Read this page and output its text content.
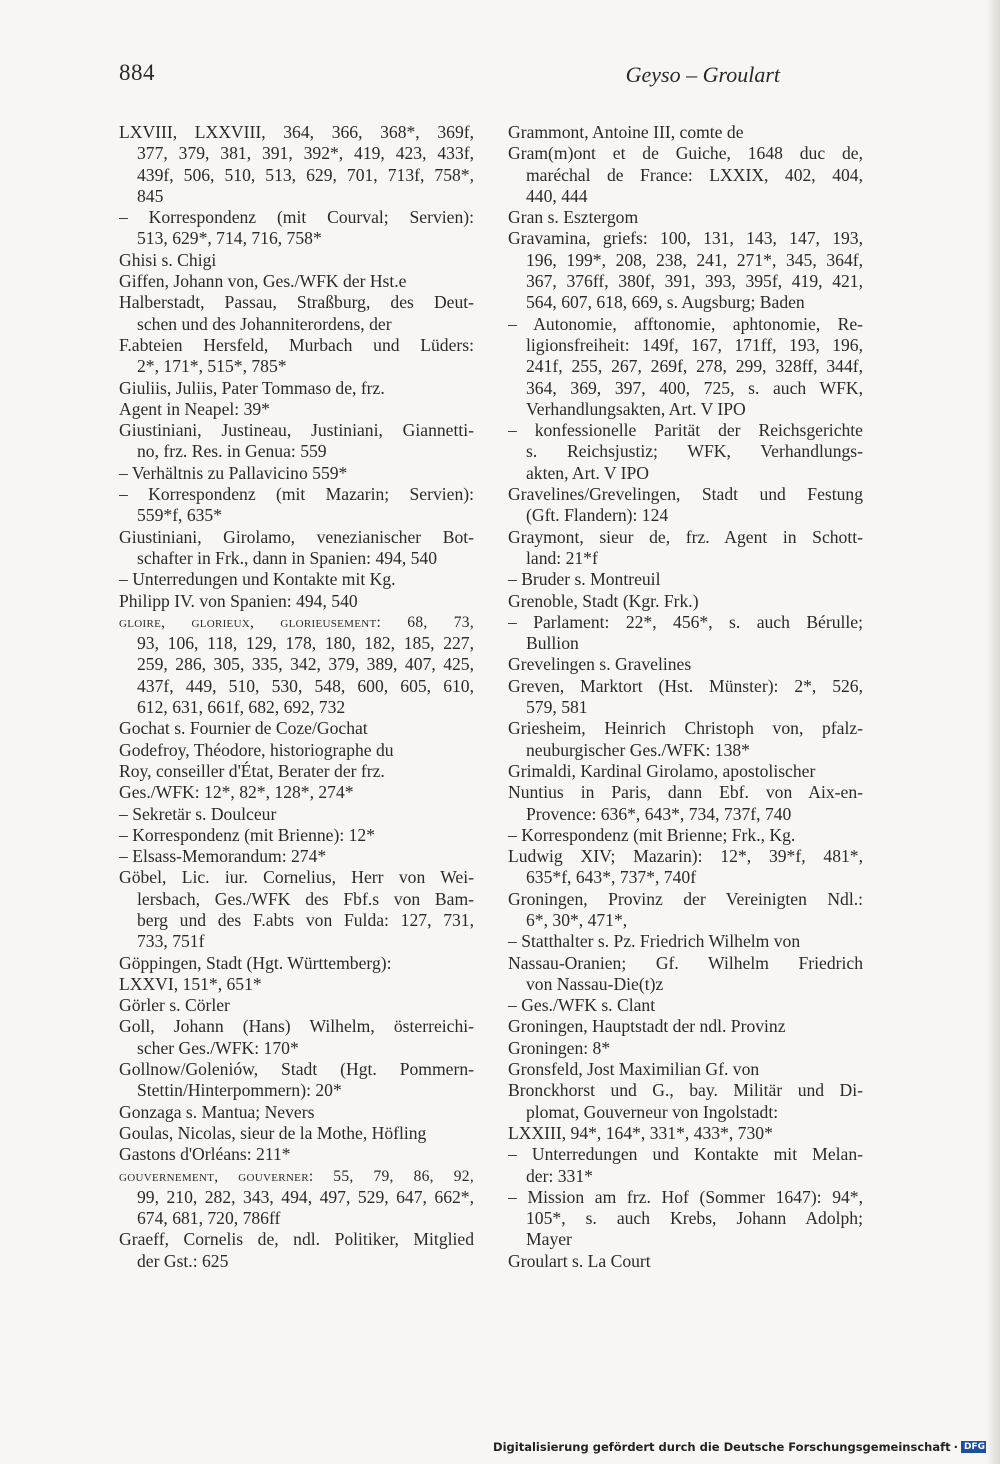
884	Geyso – Groulart
LXVIII, LXXVIII, 364, 366, 368*, 369f,
377, 379, 381, 391, 392*, 419, 423, 433f,
439f, 506, 510, 513, 629, 701, 713f, 758*,
845
– Korrespondenz (mit Courval; Servien):
513, 629*, 714, 716, 758*
Ghisi s. Chigi
Giffen, Johann von, Ges./WFK der Hst.e
Halberstadt, Passau, Straßburg, des Deut-
schen und des Johanniterordens, der
F.abteien Hersfeld, Murbach und Lüders:
2*, 171*, 515*, 785*
Giuliis, Juliis, Pater Tommaso de, frz.
Agent in Neapel: 39*
Giustiniani, Justineau, Justiniani, Giannetti-
no, frz. Res. in Genua: 559
– Verhältnis zu Pallavicino 559*
– Korrespondenz (mit Mazarin; Servien):
559*f, 635*
Giustiniani, Girolamo, venezianischer Bot-
schafter in Frk., dann in Spanien: 494, 540
– Unterredungen und Kontakte mit Kg.
Philipp IV. von Spanien: 494, 540
gloire, glorieux, glorieusement: 68, 73,
93, 106, 118, 129, 178, 180, 182, 185, 227,
259, 286, 305, 335, 342, 379, 389, 407, 425,
437f, 449, 510, 530, 548, 600, 605, 610,
612, 631, 661f, 682, 692, 732
Gochat s. Fournier de Coze/Gochat
Godefroy, Théodore, historiographe du
Roy, conseiller d'État, Berater der frz.
Ges./WFK: 12*, 82*, 128*, 274*
– Sekretär s. Doulceur
– Korrespondenz (mit Brienne): 12*
– Elsass-Memorandum: 274*
Göbel, Lic. iur. Cornelius, Herr von Wei-
lersbach, Ges./WFK des Fbf.s von Bam-
berg und des F.abts von Fulda: 127, 731,
733, 751f
Göppingen, Stadt (Hgt. Württemberg):
LXXVI, 151*, 651*
Görler s. Cörler
Goll, Johann (Hans) Wilhelm, österreichi-
scher Ges./WFK: 170*
Gollnow/Goleniów, Stadt (Hgt. Pommern-
Stettin/Hinterpommern): 20*
Gonzaga s. Mantua; Nevers
Goulas, Nicolas, sieur de la Mothe, Höfling
Gastons d'Orléans: 211*
gouvernement, gouverner: 55, 79, 86, 92,
99, 210, 282, 343, 494, 497, 529, 647, 662*,
674, 681, 720, 786ff
Graeff, Cornelis de, ndl. Politiker, Mitglied
der Gst.: 625
Grammont, Antoine III, comte de
Gram(m)ont et de Guiche, 1648 duc de,
maréchal de France: LXXIX, 402, 404,
440, 444
Gran s. Esztergom
Gravamina, griefs: 100, 131, 143, 147, 193,
196, 199*, 208, 238, 241, 271*, 345, 364f,
367, 376ff, 380f, 391, 393, 395f, 419, 421,
564, 607, 618, 669, s. Augsburg; Baden
– Autonomie, afftonomie, aphtonomie, Re-
ligionsfreiheit: 149f, 167, 171ff, 193, 196,
241f, 255, 267, 269f, 278, 299, 328ff, 344f,
364, 369, 397, 400, 725, s. auch WFK,
Verhandlungsakten, Art. V IPO
– konfessionelle Parität der Reichsgerichte
s. Reichsjustiz; WFK, Verhandlungs-
akten, Art. V IPO
Gravelines/Grevelingen, Stadt und Festung
(Gft. Flandern): 124
Graymont, sieur de, frz. Agent in Schott-
land: 21*f
– Bruder s. Montreuil
Grenoble, Stadt (Kgr. Frk.)
– Parlament: 22*, 456*, s. auch Bérulle;
Bullion
Grevelingen s. Gravelines
Greven, Marktort (Hst. Münster): 2*, 526,
579, 581
Griesheim, Heinrich Christoph von, pfalz-
neuburgischer Ges./WFK: 138*
Grimaldi, Kardinal Girolamo, apostolischer
Nuntius in Paris, dann Ebf. von Aix-en-
Provence: 636*, 643*, 734, 737f, 740
– Korrespondenz (mit Brienne; Frk., Kg.
Ludwig XIV; Mazarin): 12*, 39*f, 481*,
635*f, 643*, 737*, 740f
Groningen, Provinz der Vereinigten Ndl.:
6*, 30*, 471*,
– Statthalter s. Pz. Friedrich Wilhelm von
Nassau-Oranien; Gf. Wilhelm Friedrich
von Nassau-Die(t)z
– Ges./WFK s. Clant
Groningen, Hauptstadt der ndl. Provinz
Groningen: 8*
Gronsfeld, Jost Maximilian Gf. von
Bronckhorst und G., bay. Militär und Di-
plomat, Gouverneur von Ingolstadt:
LXXIII, 94*, 164*, 331*, 433*, 730*
– Unterredungen und Kontakte mit Melan-
der: 331*
– Mission am frz. Hof (Sommer 1647): 94*,
105*, s. auch Krebs, Johann Adolph;
Mayer
Groulart s. La Court
Digitalisierung gefördert durch die Deutsche Forschungsgemeinschaft · DFG
